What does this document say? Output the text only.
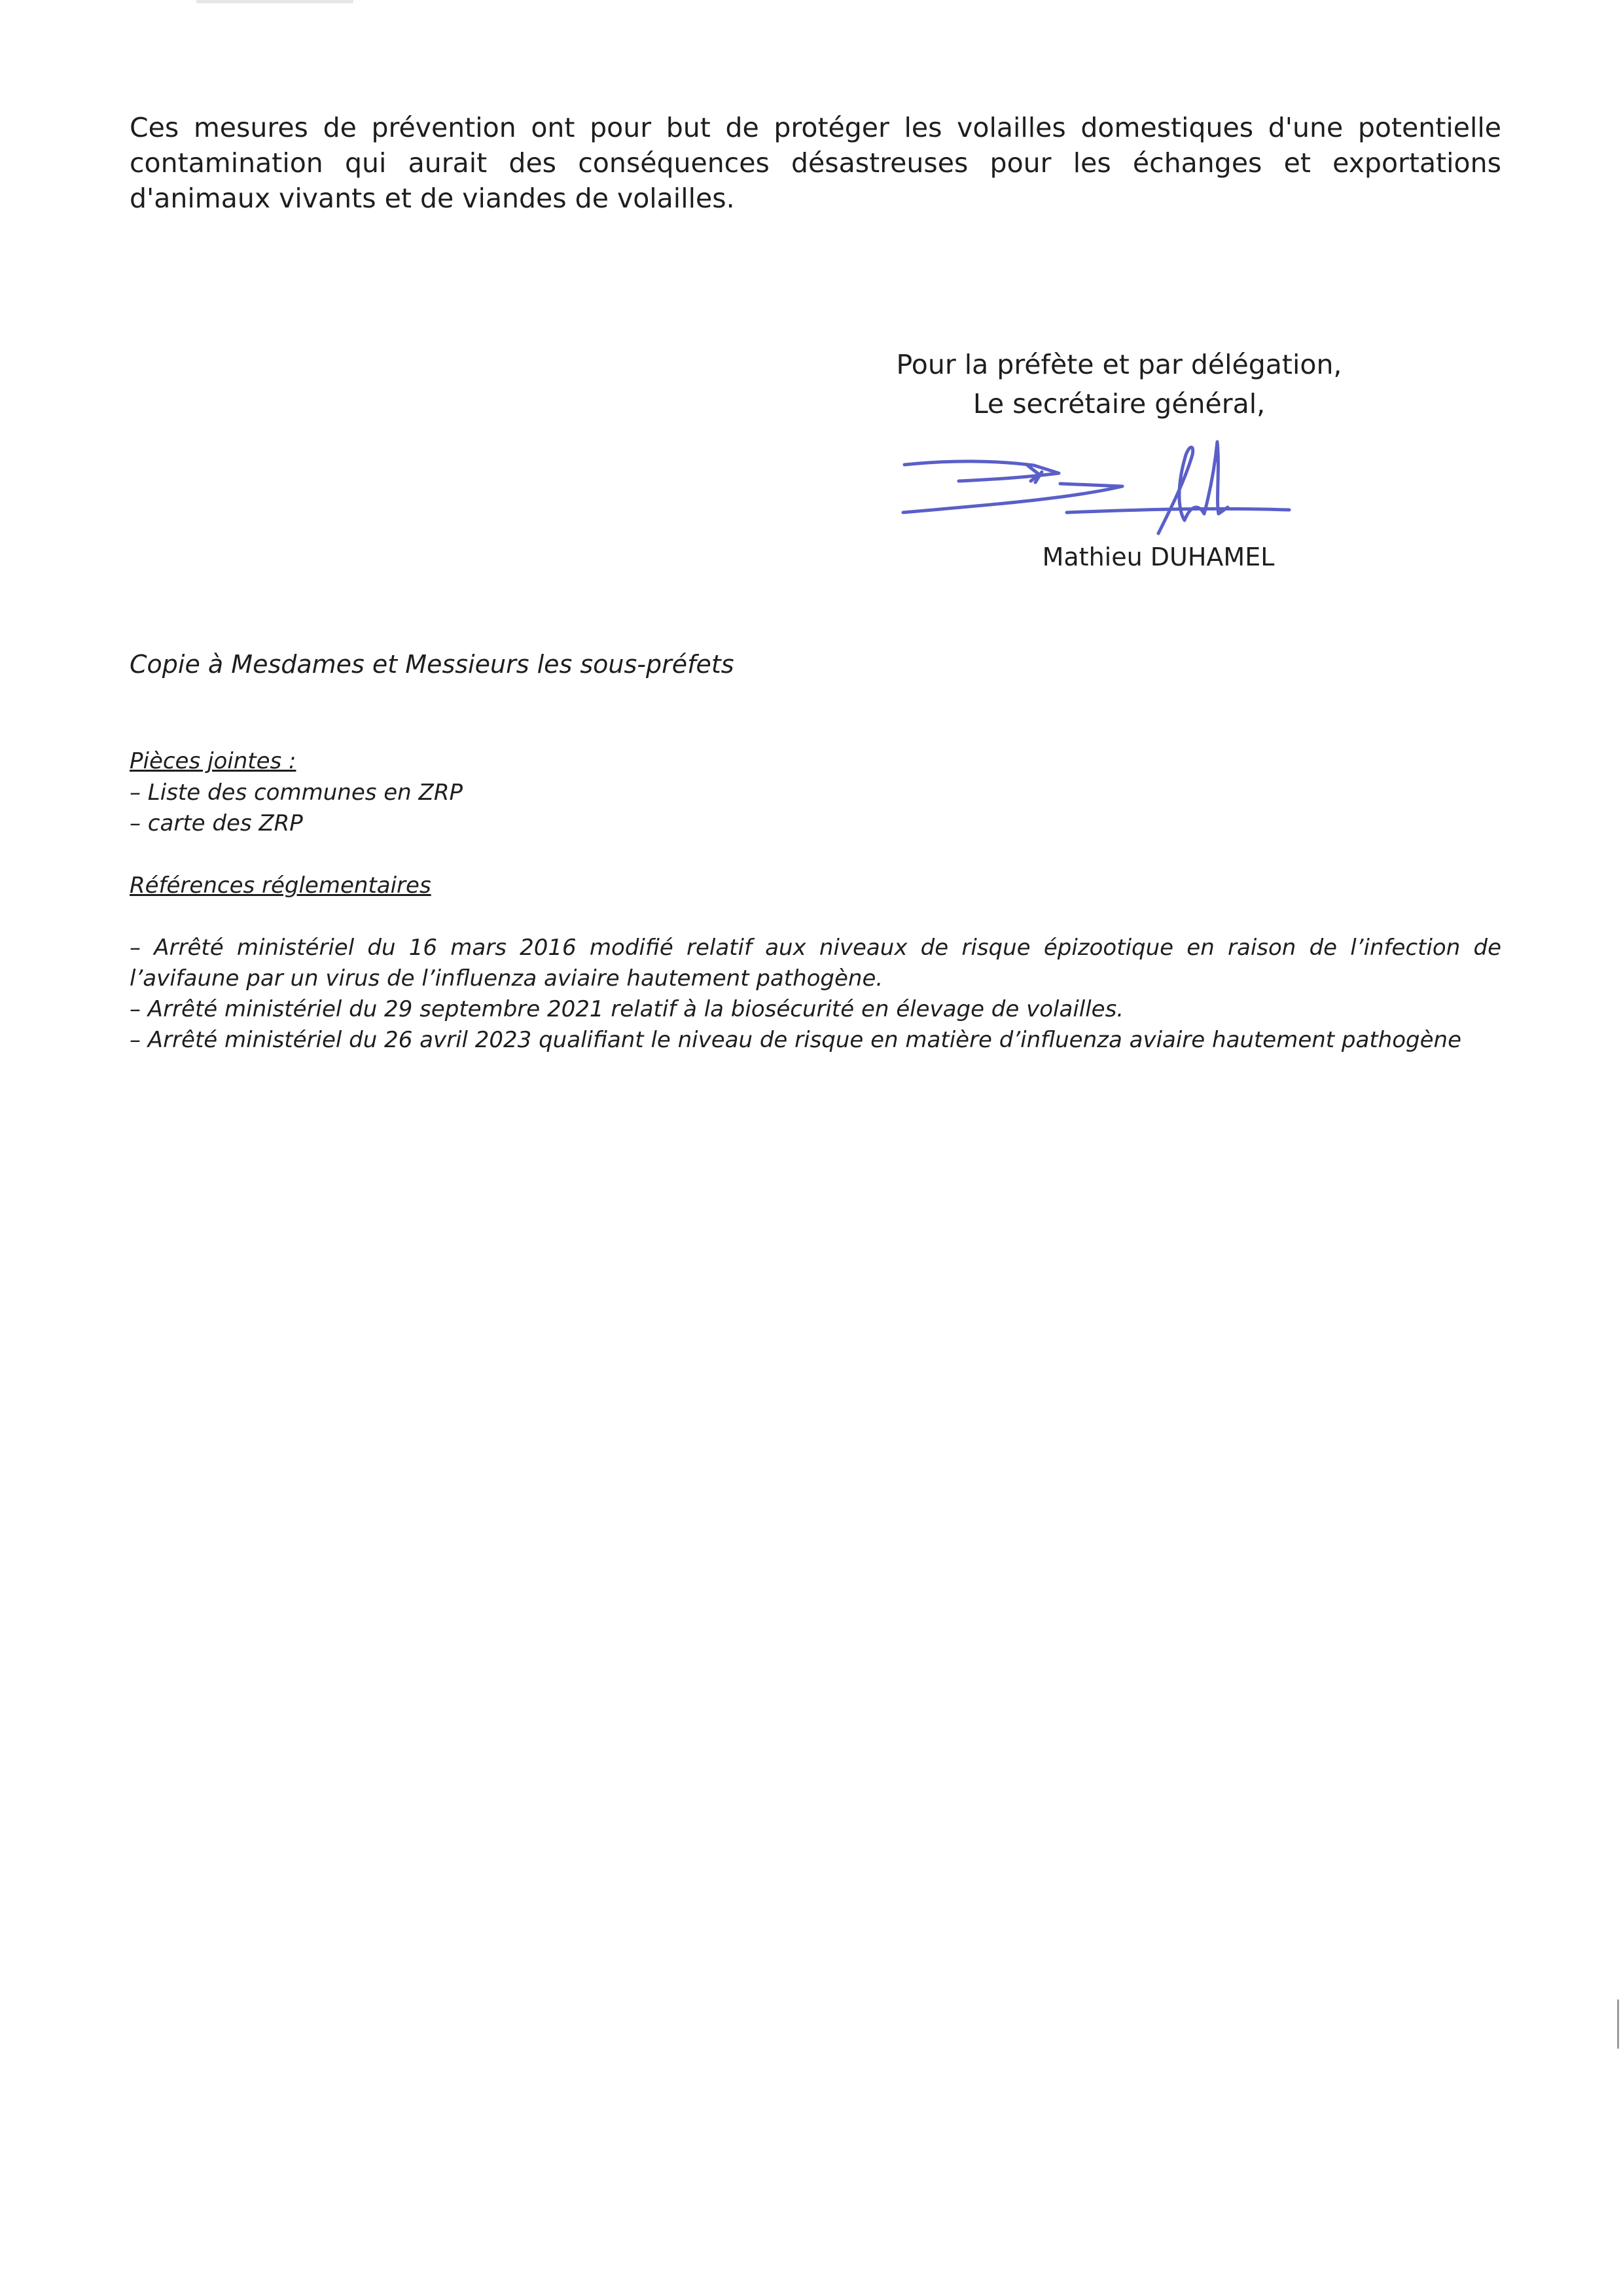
Ces mesures de prévention ont pour but de protéger les volailles domestiques d'une potentielle contamination qui aurait des conséquences désastreuses pour les échanges et exportations d'animaux vivants et de viandes de volailles.

Pour la préfète et par délégation,

Le secrétaire général,

Mathieu DUHAMEL

Copie à Mesdames et Messieurs les sous-préfets

Pièces jointes :

– Liste des communes en ZRP
– carte des ZRP

Références réglementaires

– Arrêté ministériel du 16 mars 2016 modifié relatif aux niveaux de risque épizootique en raison de l’infection de l’avifaune par un virus de l’influenza aviaire hautement pathogène.
– Arrêté ministériel du 29 septembre 2021 relatif à la biosécurité en élevage de volailles.
– Arrêté ministériel du 26 avril 2023 qualifiant le niveau de risque en matière d’influenza aviaire hautement pathogène
